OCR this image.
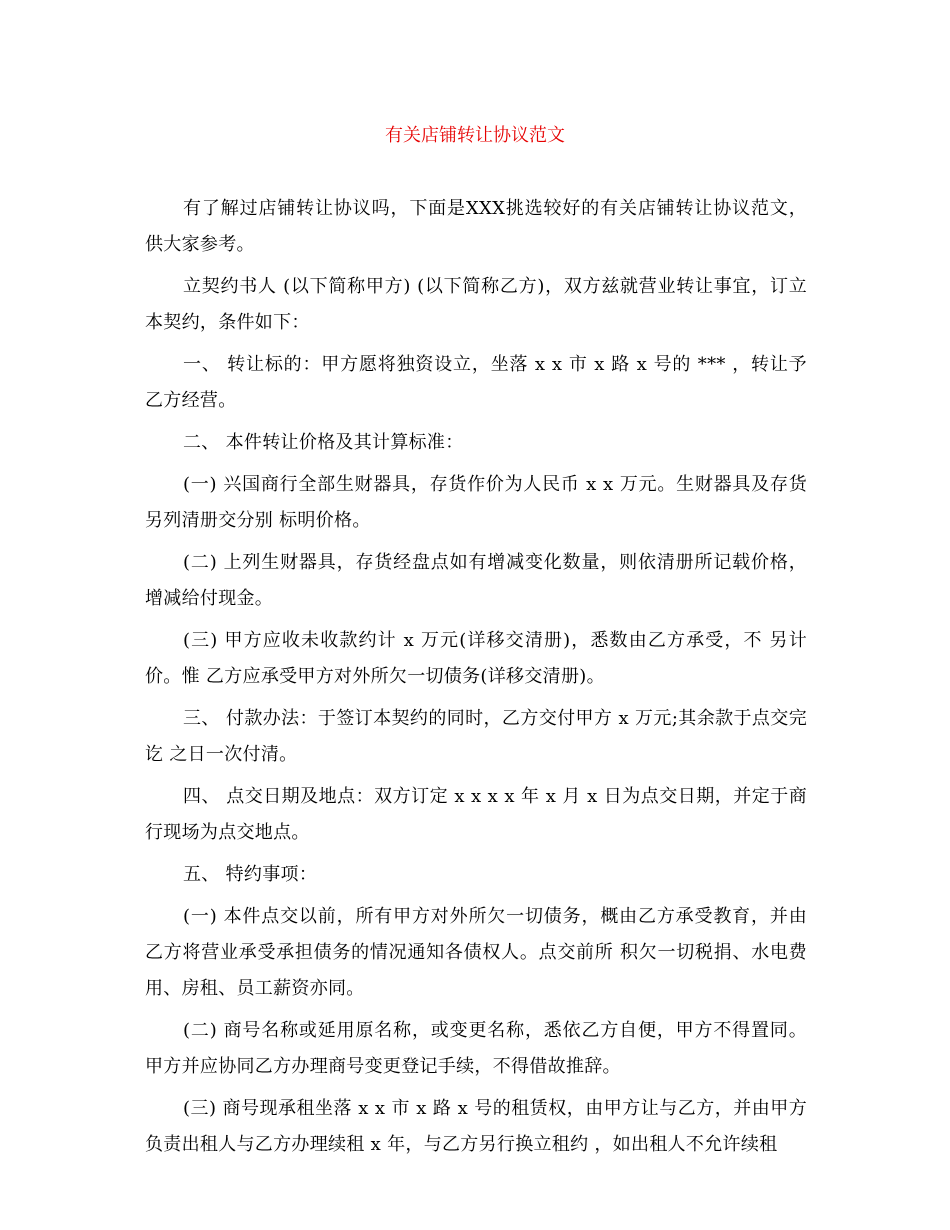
有关店铺转让协议范文

有了解过店铺转让协议吗，下面是XXX挑选较好的有关店铺转让协议范文，供大家参考。

立契约书人 (以下简称甲方) (以下简称乙方)，双方兹就营业转让事宜，订立本契约，条件如下：

一、 转让标的：甲方愿将独资设立，坐落 x x 市 x 路 x 号的 *** ，转让予乙方经营。

二、 本件转让价格及其计算标准：

(一) 兴国商行全部生财器具，存货作价为人民币 x x 万元。生财器具及存货另列清册交分别 标明价格。

(二) 上列生财器具，存货经盘点如有增减变化数量，则依清册所记载价格，增减给付现金。

(三) 甲方应收未收款约计 x 万元(详移交清册)，悉数由乙方承受，不 另计价。惟 乙方应承受甲方对外所欠一切债务(详移交清册)。

三、 付款办法：于签订本契约的同时，乙方交付甲方 x 万元;其余款于点交完讫 之日一次付清。

四、 点交日期及地点：双方订定 x x x x 年 x 月 x 日为点交日期，并定于商行现场为点交地点。

五、 特约事项：

(一) 本件点交以前，所有甲方对外所欠一切债务，概由乙方承受教育，并由乙方将营业承受承担债务的情况通知各债权人。点交前所 积欠一切税捐、水电费用、房租、员工薪资亦同。

(二) 商号名称或延用原名称，或变更名称，悉依乙方自便，甲方不得置同。甲方并应协同乙方办理商号变更登记手续，不得借故推辞。

(三) 商号现承租坐落 x x 市 x 路 x 号的租赁权，由甲方让与乙方，并由甲方负责出租人与乙方办理续租 x 年，与乙方另行换立租约 ，如出租人不允许续租
